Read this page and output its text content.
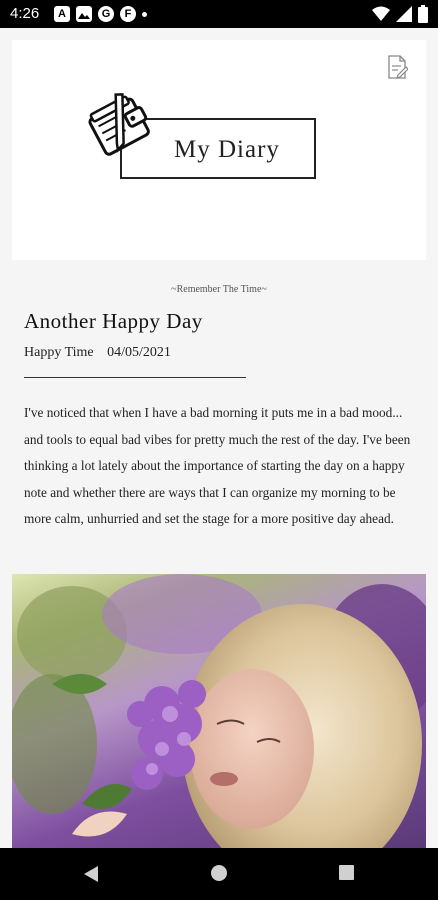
4:26	A	G	F
My Diary
~Remember The Time~
Another Happy Day
Happy Time 04/05/2021
I've noticed that when I have a bad morning it puts me in a bad mood... and tools to equal bad vibes for pretty much the rest of the day. I've been thinking a lot lately about the importance of starting the day on a happy note and whether there are ways that I can organize my morning to be more calm, unhurried and set the stage for a more positive day ahead.
